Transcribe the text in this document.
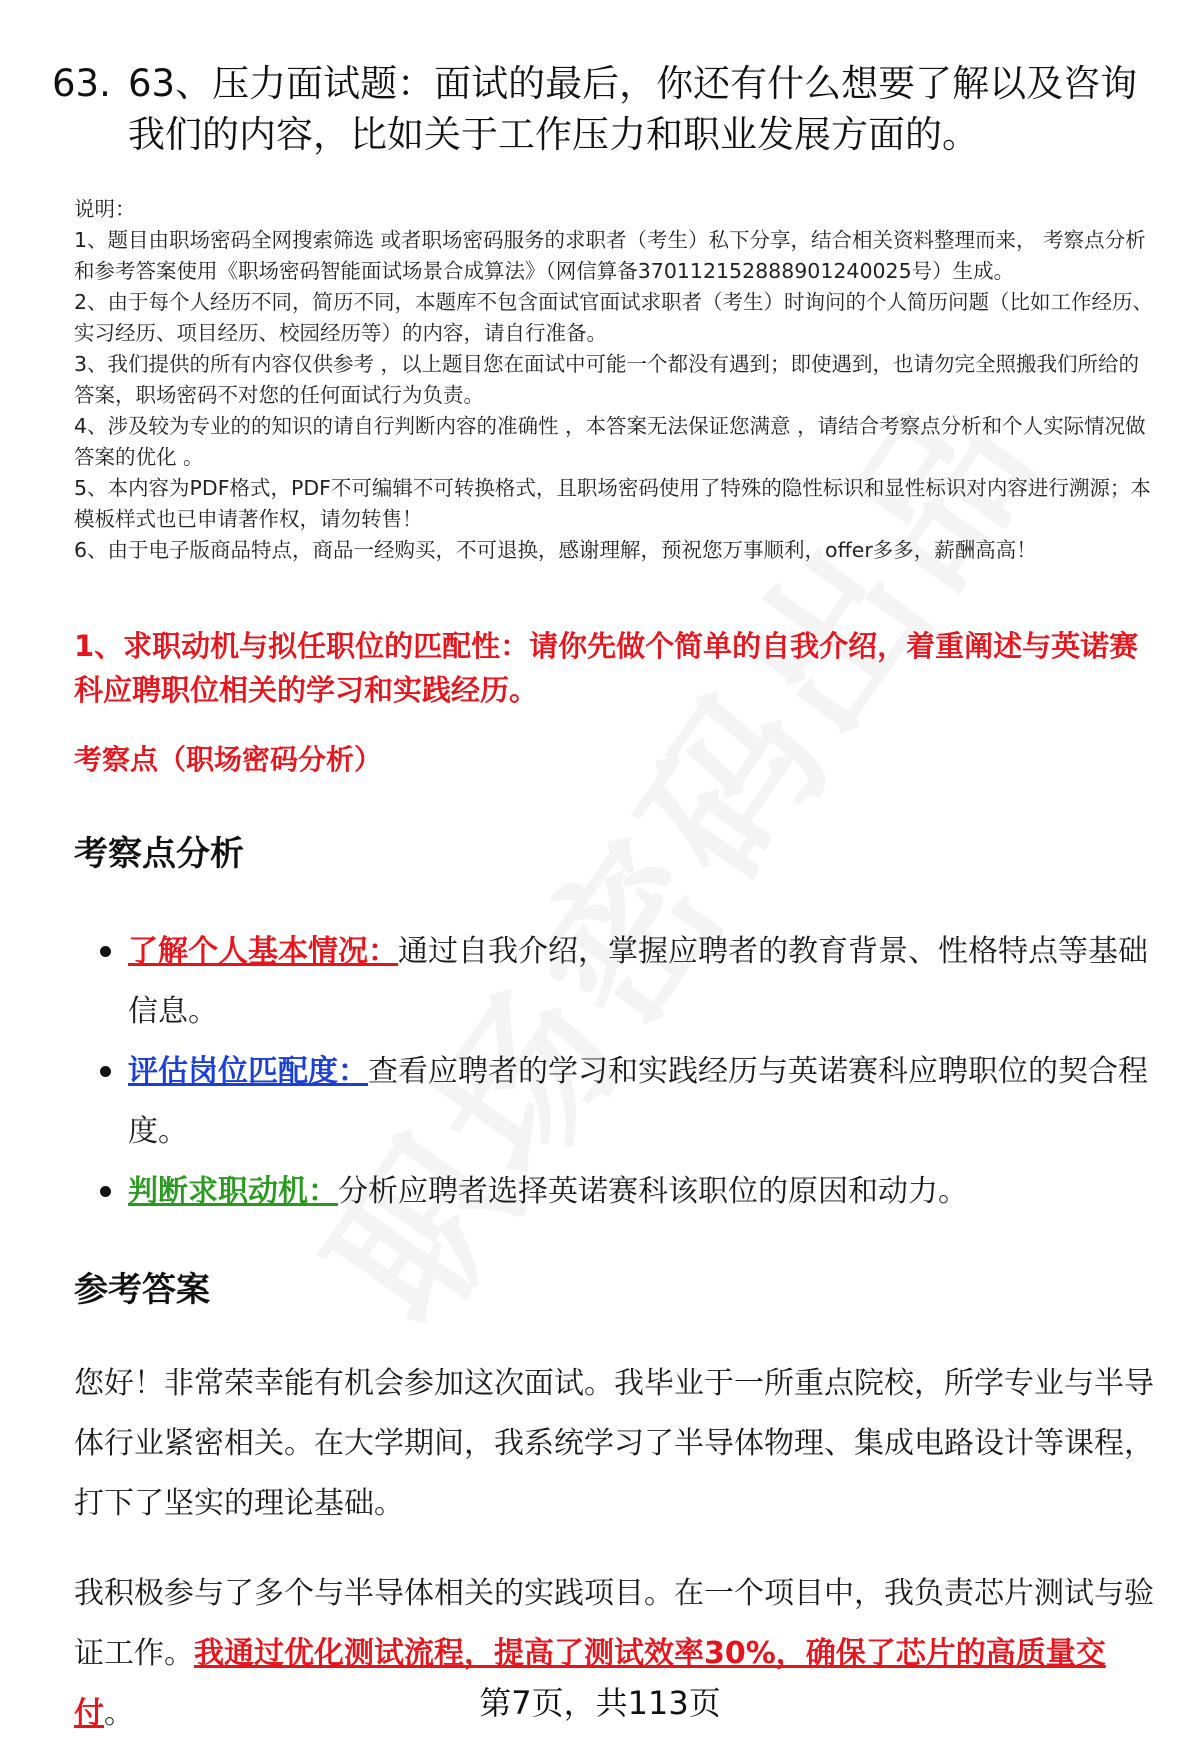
63. 63、压力面试题：面试的最后，你还有什么想要了解以及咨询我们的内容，比如关于工作压力和职业发展方面的。

说明：

1、题目由职场密码全网搜索筛选 或者职场密码服务的求职者（考生）私下分享，结合相关资料整理而来， 考察点分析和参考答案使用《职场密码智能面试场景合成算法》（网信算备370112152888901240025号）生成。

2、由于每个人经历不同，简历不同，本题库不包含面试官面试求职者（考生）时询问的个人简历问题（比如工作经历、实习经历、项目经历、校园经历等）的内容，请自行准备。

3、我们提供的所有内容仅供参考 ，以上题目您在面试中可能一个都没有遇到；即使遇到，也请勿完全照搬我们所给的答案，职场密码不对您的任何面试行为负责。

4、涉及较为专业的的知识的请自行判断内容的准确性 ，本答案无法保证您满意 ，请结合考察点分析和个人实际情况做答案的优化 。

5、本内容为PDF格式，PDF不可编辑不可转换格式，且职场密码使用了特殊的隐性标识和显性标识对内容进行溯源；本模板样式也已申请著作权，请勿转售！

6、由于电子版商品特点，商品一经购买，不可退换，感谢理解，预祝您万事顺利，offer多多，薪酬高高！

1、求职动机与拟任职位的匹配性：请你先做个简单的自我介绍，着重阐述与英诺赛科应聘职位相关的学习和实践经历。
考察点（职场密码分析）
考察点分析
了解个人基本情况：通过自我介绍，掌握应聘者的教育背景、性格特点等基础信息。
评估岗位匹配度：查看应聘者的学习和实践经历与英诺赛科应聘职位的契合程度。
判断求职动机：分析应聘者选择英诺赛科该职位的原因和动力。
参考答案

您好！非常荣幸能有机会参加这次面试。我毕业于一所重点院校，所学专业与半导体行业紧密相关。在大学期间，我系统学习了半导体物理、集成电路设计等课程，打下了坚实的理论基础。

我积极参与了多个与半导体相关的实践项目。在一个项目中，我负责芯片测试与验证工作。我通过优化测试流程，提高了测试效率30%，确保了芯片的高质量交付。	第7页，共113页
